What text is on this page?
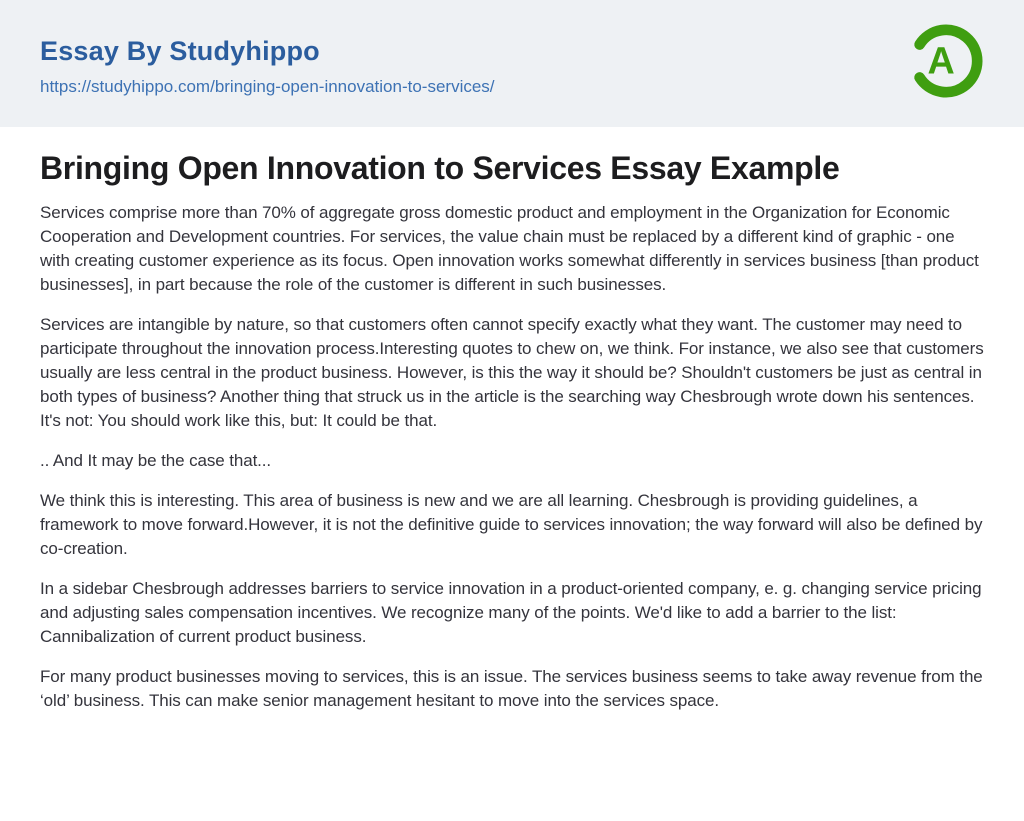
Essay By Studyhippo
https://studyhippo.com/bringing-open-innovation-to-services/
A
Bringing Open Innovation to Services Essay Example

Services comprise more than 70% of aggregate gross domestic product and employment in the Organization for Economic Cooperation and Development countries. For services, the value chain must be replaced by a different kind of graphic - one with creating customer experience as its focus. Open innovation works somewhat differently in services business [than product businesses], in part because the role of the customer is different in such businesses.

Services are intangible by nature, so that customers often cannot specify exactly what they want. The customer may need to participate throughout the innovation process.Interesting quotes to chew on, we think. For instance, we also see that customers usually are less central in the product business. However, is this the way it should be? Shouldn't customers be just as central in both types of business? Another thing that struck us in the article is the searching way Chesbrough wrote down his sentences. It's not: You should work like this, but: It could be that.

.. And It may be the case that...

We think this is interesting. This area of business is new and we are all learning. Chesbrough is providing guidelines, a framework to move forward.However, it is not the definitive guide to services innovation; the way forward will also be defined by co-creation.

In a sidebar Chesbrough addresses barriers to service innovation in a product-oriented company, e. g. changing service pricing and adjusting sales compensation incentives. We recognize many of the points. We'd like to add a barrier to the list: Cannibalization of current product business.

For many product businesses moving to services, this is an issue. The services business seems to take away revenue from the ‘old’ business. This can make senior management hesitant to move into the services space.
